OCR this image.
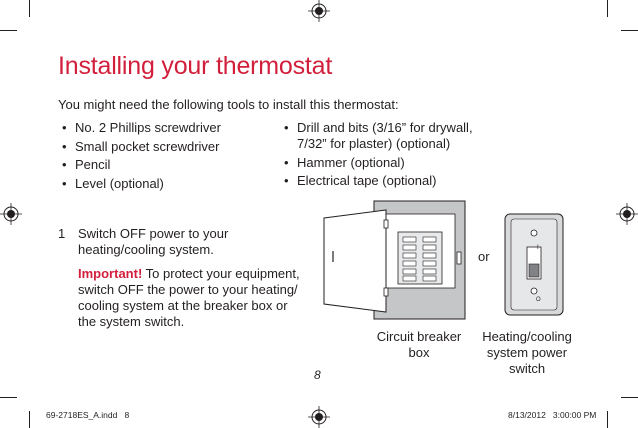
Installing your thermostat
You might need the following tools to install this thermostat:
• No. 2 Phillips screwdriver
• Small pocket screwdriver
• Pencil
• Level (optional)
• Drill and bits (3/16” for drywall,
7/32” for plaster) (optional)
• Hammer (optional)
• Electrical tape (optional)
1 Switch OFF power to your heating/cooling system.
Important! To protect your equipment, switch OFF the power to your heating/ cooling system at the breaker box or the system switch.
or
I
O
Circuit breaker
box
Heating/cooling
system power
switch
8
69-2718ES_A.indd   8	8/13/2012   3:00:00 PM
